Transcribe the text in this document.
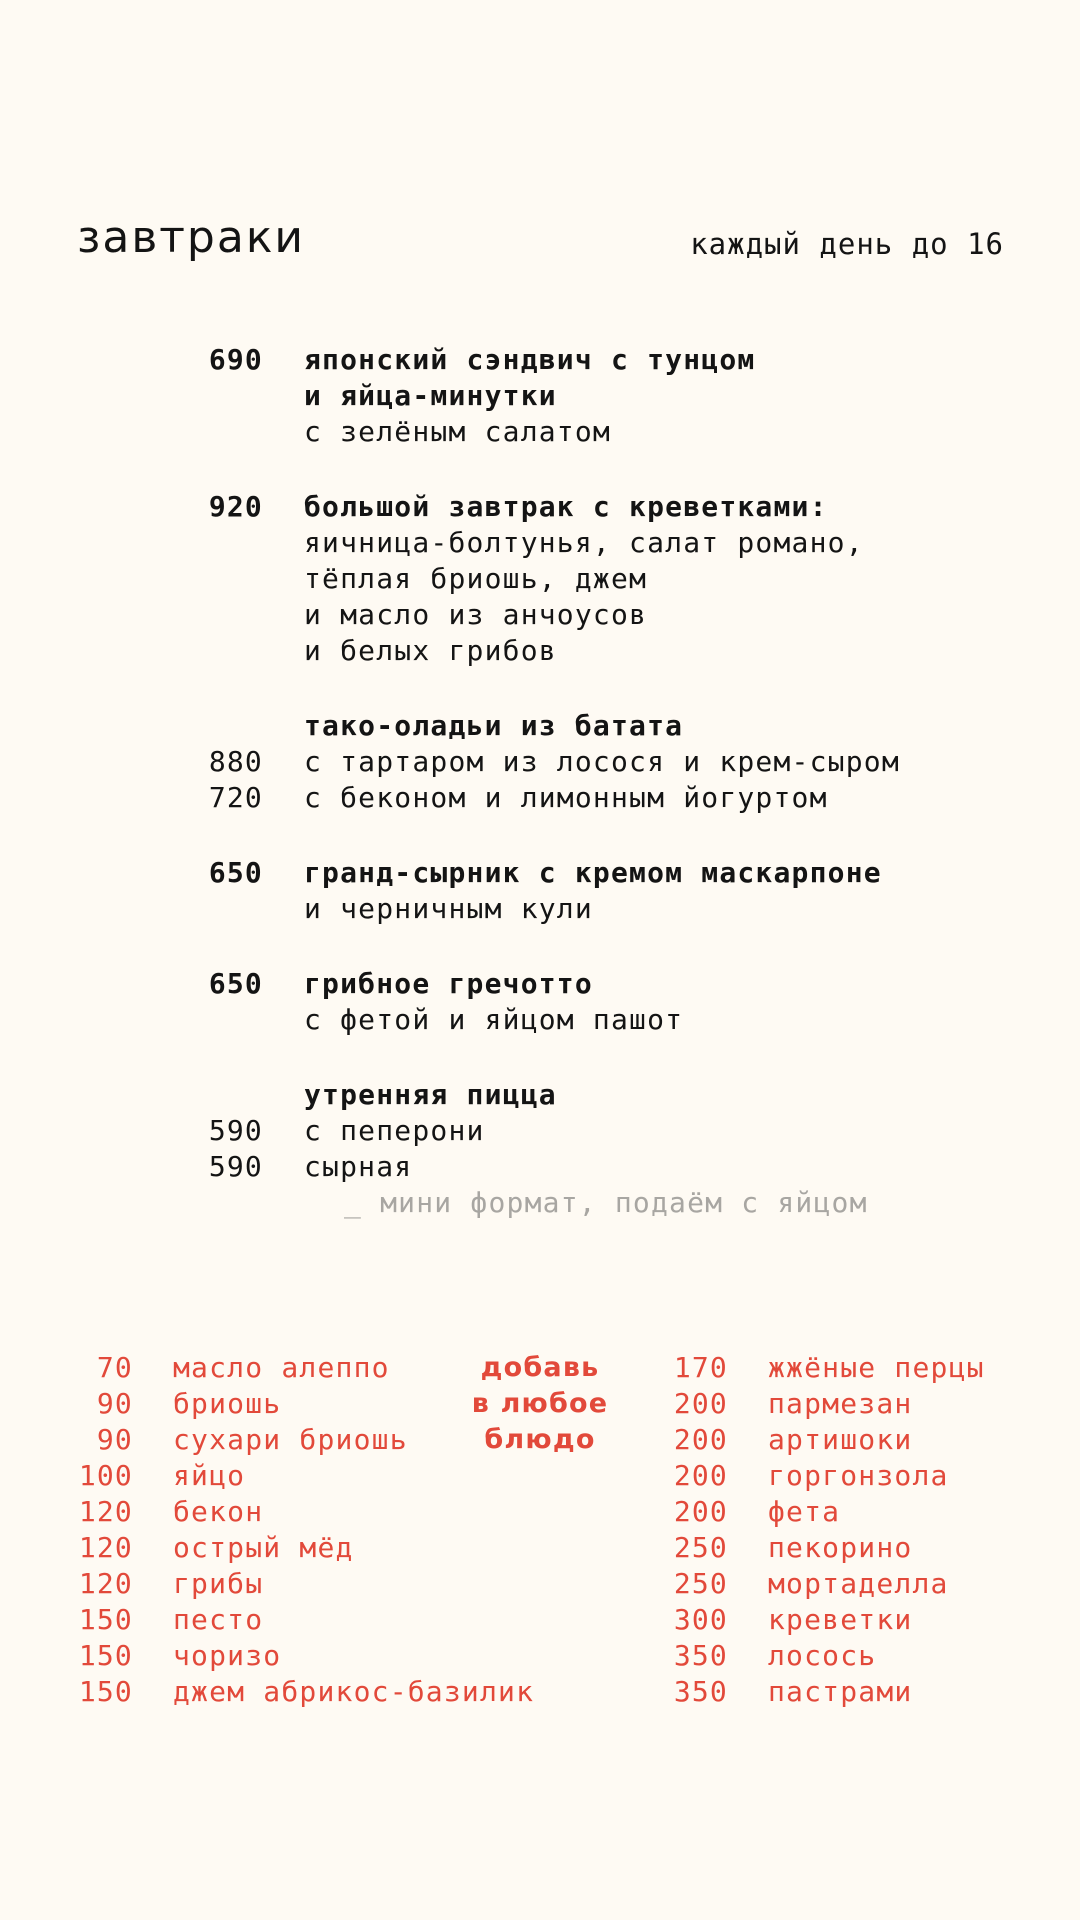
завтраки	каждый день до 16
690	японский сэндвич с тунцом
и яйца-минутки
с зелёным салатом
920	большой завтрак с креветками:
яичница-болтунья, салат романо,
тёплая бриошь, джем
и масло из анчоусов
и белых грибов
тако-оладьи из батата
880	с тартаром из лосося и крем-сыром
720	с беконом и лимонным йогуртом
650	гранд-сырник с кремом маскарпоне
и черничным кули
650	грибное гречотто
с фетой и яйцом пашот
утренняя пицца
590	с пеперони
590	сырная
_ мини формат, подаём с яйцом
70	масло алеппо
90	бриошь
90	сухари бриошь
100	яйцо
120	бекон
120	острый мёд
120	грибы
150	песто
150	чоризо
150	джем абрикос-базилик
добавь
в любое
блюдо
170	жжёные перцы
200	пармезан
200	артишоки
200	горгонзола
200	фета
250	пекорино
250	мортаделла
300	креветки
350	лосось
350	пастрами
